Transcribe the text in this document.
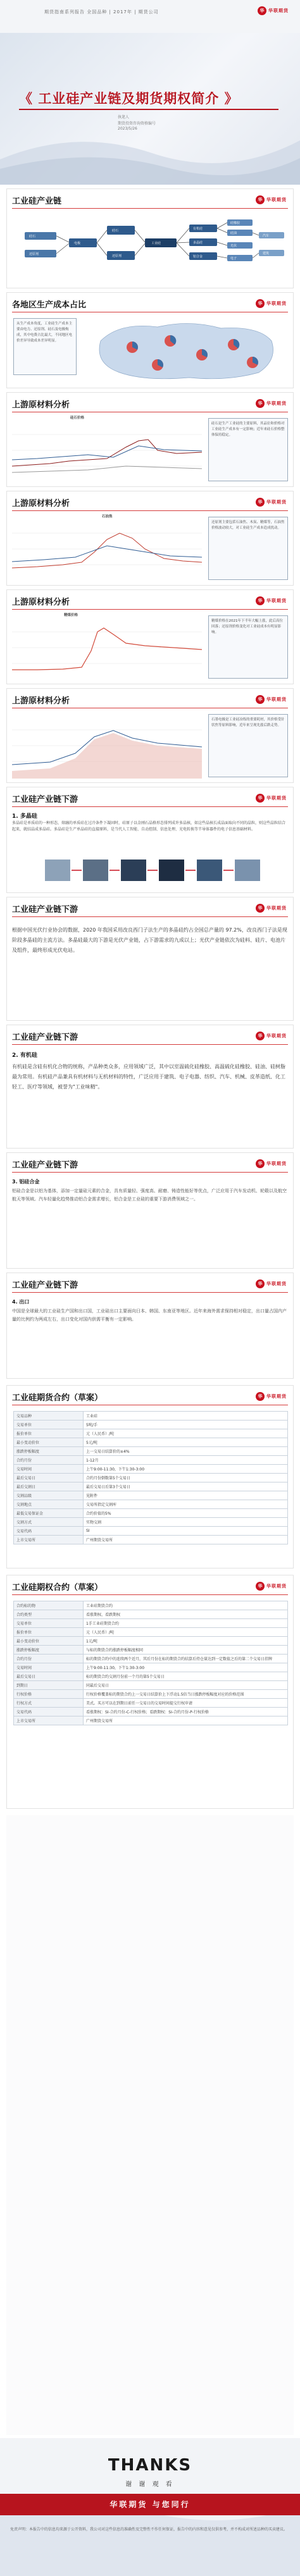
期货指南系列报告 全国品种 | 2017年 | 期货公司	华 华联期货
《 工业硅产业链及期货期权简介 》
执笔人
期货投资咨询资格编号
2023/5/26
工业硅产业链	华 华联期货
硅石
还原剂
电极
硅石
还原剂
工业硅
有机硅
多晶硅
铝合金
硅橡胶
硅油
光伏
电子
汽车
建筑
各地区生产成本占比	华 华联期货
从生产成本角度，工业硅生产成本主要由电力、还原剂、硅石及电极构成，其中电费占比最大，不同地区电价差异导致成本差异明显。
上游原材料分析	华 华联期货
硅石价格
硅石是生产工业硅的主要原料，其品位和价格对工业硅生产成本有一定影响；近年来硅石价格整体保持稳定。
上游原材料分析	华 华联期货
石油焦
还原剂主要包括石油焦、木炭、精煤等，石油焦价格波动较大，对工业硅生产成本造成扰动。
上游原材料分析	华 华联期货
精煤价格
精煤价格在2021年下半年大幅上涨，此后高位回落；还原剂价格变化对工业硅成本有明显影响。
上游原材料分析	华 华联期货
石墨电极是工业硅冶炼的重要耗材，其价格受针状焦等原料影响，近年来呈现先涨后跌走势。
工业硅产业链下游	华 华联期货
1. 多晶硅
多晶硅是单质硅的一种形态，熔融的单质硅在过冷条件下凝固时，硅原子以金刚石晶格形态排列成许多晶核，如这些晶核长成晶面取向不同的晶粒，则这些晶粒结合起来，就结晶成多晶硅。多晶硅是生产单晶硅的直接原料，是当代人工智能、自动控制、信息处理、光电转换等半导体器件的电子信息基础材料。
工业硅产业链下游	华 华联期货
根据中国光伏行业协会的数据，2020 年我国采用改良西门子法生产的多晶硅约占全国总产量的 97.2%，改良西门子法是现阶段多晶硅的主流方法。多晶硅最大的下游是光伏产业链，占下游需求的九成以上；光伏产业链依次为硅料、硅片、电池片及组件，最终形成光伏电站。
工业硅产业链下游	华 华联期货
2. 有机硅
有机硅是含硅有机化合物的统称，产品种类众多，应用领域广泛，其中以室温硫化硅橡胶、高温硫化硅橡胶、硅油、硅树脂最为常用。有机硅产品兼具有机材料与无机材料的特性，广泛应用于建筑、电子电器、纺织、汽车、机械、皮革造纸、化工轻工、医疗等领域，被誉为"工业味精"。
工业硅产业链下游	华 华联期货
3. 铝硅合金
铝硅合金是以铝为基体，添加一定量硅元素的合金，具有质量轻、强度高、耐磨、铸造性能好等优点，广泛应用于汽车发动机、轮毂以及航空航天等领域。汽车轻量化趋势推动铝合金需求增长，铝合金是工业硅的重要下游消费领域之一。
工业硅产业链下游	华 华联期货
4. 出口
中国是全球最大的工业硅生产国和出口国，工业硅出口主要面向日本、韩国、东南亚等地区。近年来海外需求保持相对稳定，出口量占国内产量的比例约为两成左右，出口变化对国内供需平衡有一定影响。
工业硅期货合约（草案）	华 华联期货
交易品种	工业硅
交易单位	5吨/手
报价单位	元（人民币）/吨
最小变动价位	5元/吨
涨跌停板幅度	上一交易日结算价的±4%
合约月份	1-12月
交易时间	上午9:00-11:30，下午1:30-3:00
最后交易日	合约月份倒数第5个交易日
最后交割日	最后交易日后第3个交易日
交割品级	见附件
交割地点	交易所指定交割库
最低交易保证金	合约价值的5%
交割方式	实物交割
交易代码	SI
上市交易所	广州期货交易所
工业硅期权合约（草案）	华 华联期货
合约标的物	工业硅期货合约
合约类型	看涨期权、看跌期权
交易单位	1手工业硅期货合约
报价单位	元（人民币）/吨
最小变动价位	1元/吨
涨跌停板幅度	与标的期货合约涨跌停板幅度相同
合约月份	标的期货合约中的连续两个近月，其后月份在标的期货合约结算后持仓量达到一定数值之后的第二个交易日挂牌
交易时间	上午9:00-11:30，下午1:30-3:00
最后交易日	标的期货合约交割月份前一个月的第5个交易日
到期日	同最后交易日
行权价格	行权价格覆盖标的期货合约上一交易日结算价上下浮动1.5倍当日涨跌停板幅度对应的价格范围
行权方式	美式。买方可以在到期日前任一交易日的交易时间提交行权申请
交易代码	看涨期权：SI-合约月份-C-行权价格；看跌期权：SI-合约月份-P-行权价格
上市交易所	广州期货交易所
THANKS
谢 谢 观 看
华联期货 与您同行
免责声明：本报告中的信息均来源于公开资料，我公司对这些信息的准确性及完整性不作任何保证，报告中的内容和意见仅供参考，并不构成对所述品种的买卖建议。
